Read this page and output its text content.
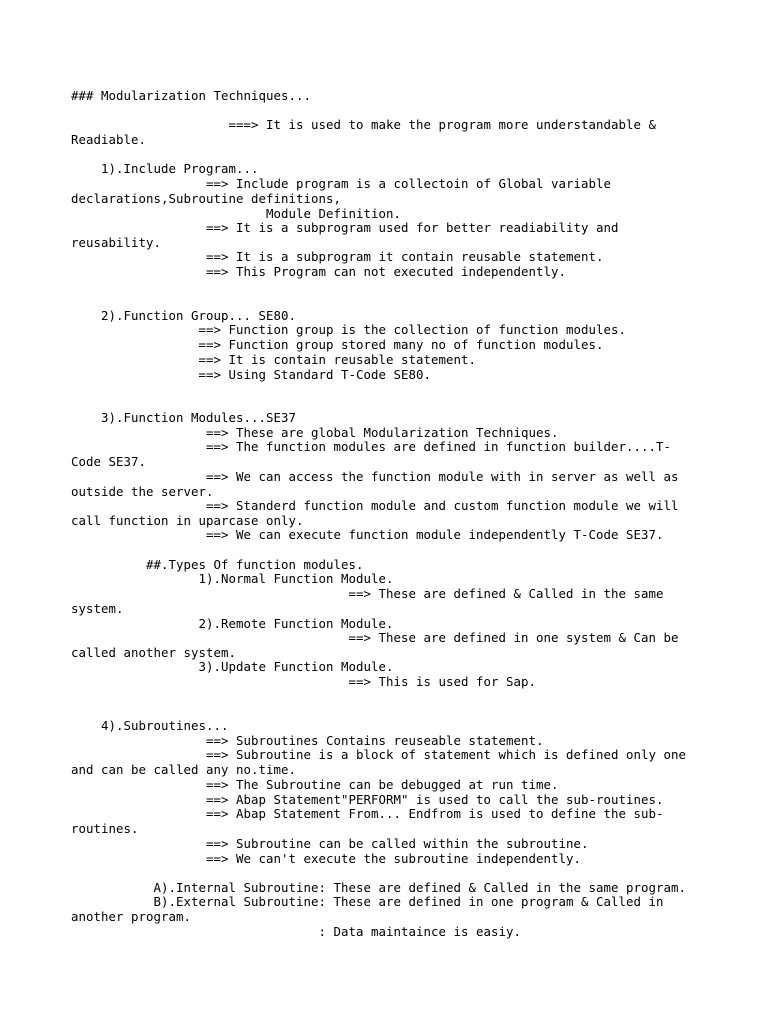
### Modularization Techniques...
===> It is used to make the program more understandable &
Readiable.
1).Include Program...
==> Include program is a collectoin of Global variable
declarations,Subroutine definitions,
Module Definition.
==> It is a subprogram used for better readiability and
reusability.
==> It is a subprogram it contain reusable statement.
==> This Program can not executed independently.
2).Function Group... SE80.
==> Function group is the collection of function modules.
==> Function group stored many no of function modules.
==> It is contain reusable statement.
==> Using Standard T-Code SE80.
3).Function Modules...SE37
==> These are global Modularization Techniques.
==> The function modules are defined in function builder....T-
Code SE37.
==> We can access the function module with in server as well as
outside the server.
==> Standerd function module and custom function module we will
call function in uparcase only.
==> We can execute function module independently T-Code SE37.
##.Types Of function modules.
1).Normal Function Module.
==> These are defined & Called in the same
system.
2).Remote Function Module.
==> These are defined in one system & Can be
called another system.
3).Update Function Module.
==> This is used for Sap.
4).Subroutines...
==> Subroutines Contains reuseable statement.
==> Subroutine is a block of statement which is defined only one
and can be called any no.time.
==> The Subroutine can be debugged at run time.
==> Abap Statement"PERFORM" is used to call the sub-routines.
==> Abap Statement From... Endfrom is used to define the sub-
routines.
==> Subroutine can be called within the subroutine.
==> We can't execute the subroutine independently.
A).Internal Subroutine: These are defined & Called in the same program.
B).External Subroutine: These are defined in one program & Called in
another program.
: Data maintaince is easiy.
